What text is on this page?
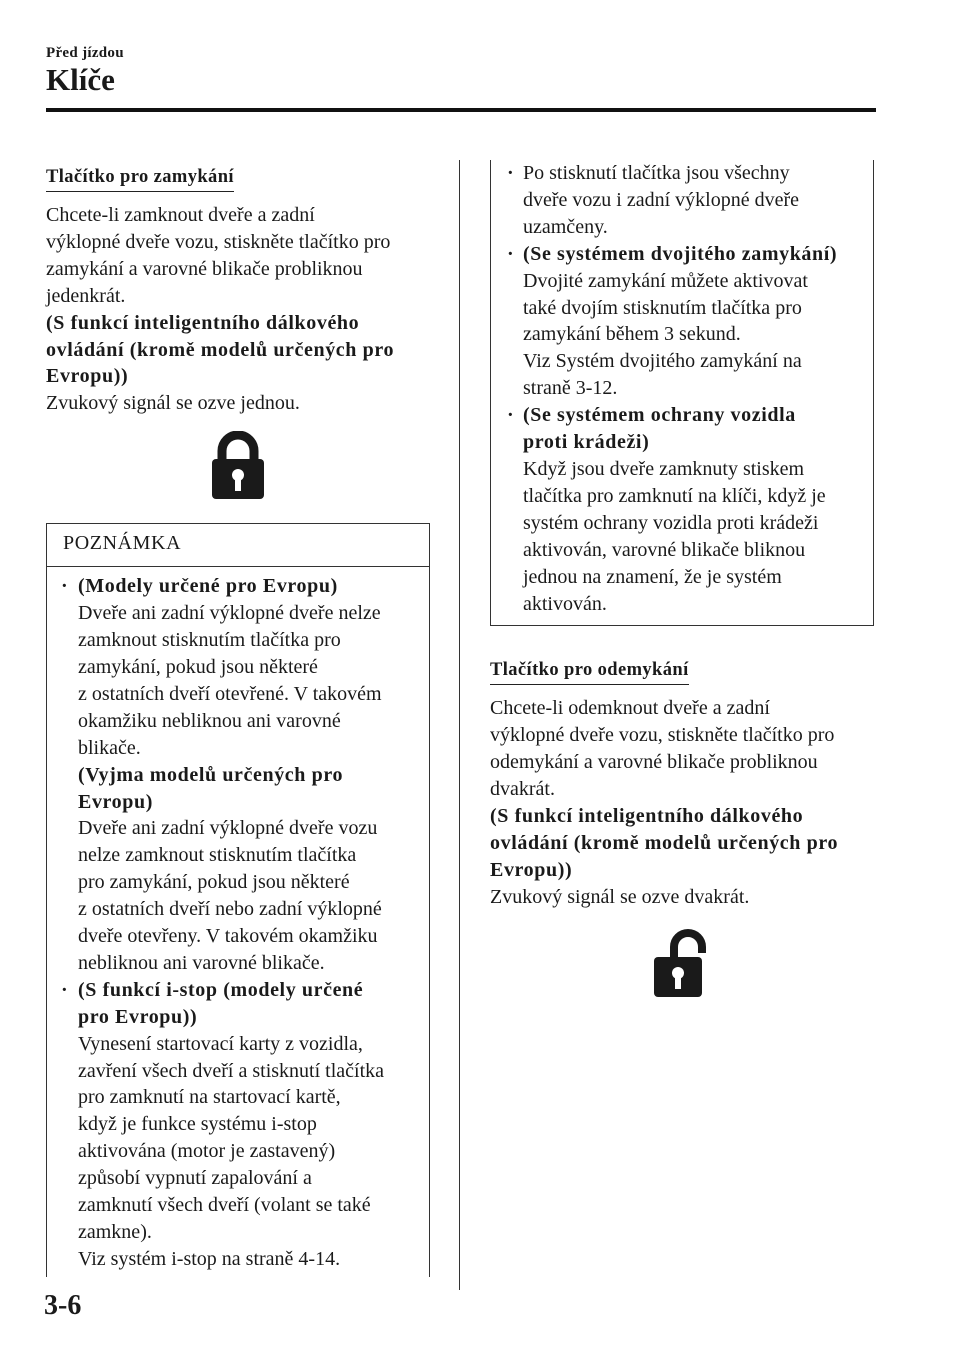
Před jízdou
Klíče
Tlačítko pro zamykání

Chcete-li zamknout dveře a zadní

výklopné dveře vozu, stiskněte tlačítko pro

zamykání a varovné blikače probliknou

jedenkrát.

(S funkcí inteligentního dálkového

ovládání (kromě modelů určených pro

Evropu))

Zvukový signál se ozve jednou.

POZNÁMKA
· (Modely určené pro Evropu)

Dveře ani zadní výklopné dveře nelze

zamknout stisknutím tlačítka pro

zamykání, pokud jsou některé

z ostatních dveří otevřené. V takovém

okamžiku nebliknou ani varovné

blikače.

(Vyjma modelů určených pro

Evropu)

Dveře ani zadní výklopné dveře vozu

nelze zamknout stisknutím tlačítka

pro zamykání, pokud jsou některé

z ostatních dveří nebo zadní výklopné

dveře otevřeny. V takovém okamžiku

nebliknou ani varovné blikače.

· (S funkcí i-stop (modely určené

pro Evropu))

Vynesení startovací karty z vozidla,

zavření všech dveří a stisknutí tlačítka

pro zamknutí na startovací kartě,

když je funkce systému i-stop

aktivována (motor je zastavený)

způsobí vypnutí zapalování a

zamknutí všech dveří (volant se také

zamkne).

Viz systém i-stop na straně 4-14.

· Po stisknutí tlačítka jsou všechny

dveře vozu i zadní výklopné dveře

uzamčeny.

· (Se systémem dvojitého zamykání)

Dvojité zamykání můžete aktivovat

také dvojím stisknutím tlačítka pro

zamykání během 3 sekund.

Viz Systém dvojitého zamykání na

straně 3-12.

· (Se systémem ochrany vozidla

proti krádeži)

Když jsou dveře zamknuty stiskem

tlačítka pro zamknutí na klíči, když je

systém ochrany vozidla proti krádeži

aktivován, varovné blikače bliknou

jednou na znamení, že je systém

aktivován.

Tlačítko pro odemykání

Chcete-li odemknout dveře a zadní

výklopné dveře vozu, stiskněte tlačítko pro

odemykání a varovné blikače probliknou

dvakrát.

(S funkcí inteligentního dálkového

ovládání (kromě modelů určených pro

Evropu))

Zvukový signál se ozve dvakrát.

3-6
